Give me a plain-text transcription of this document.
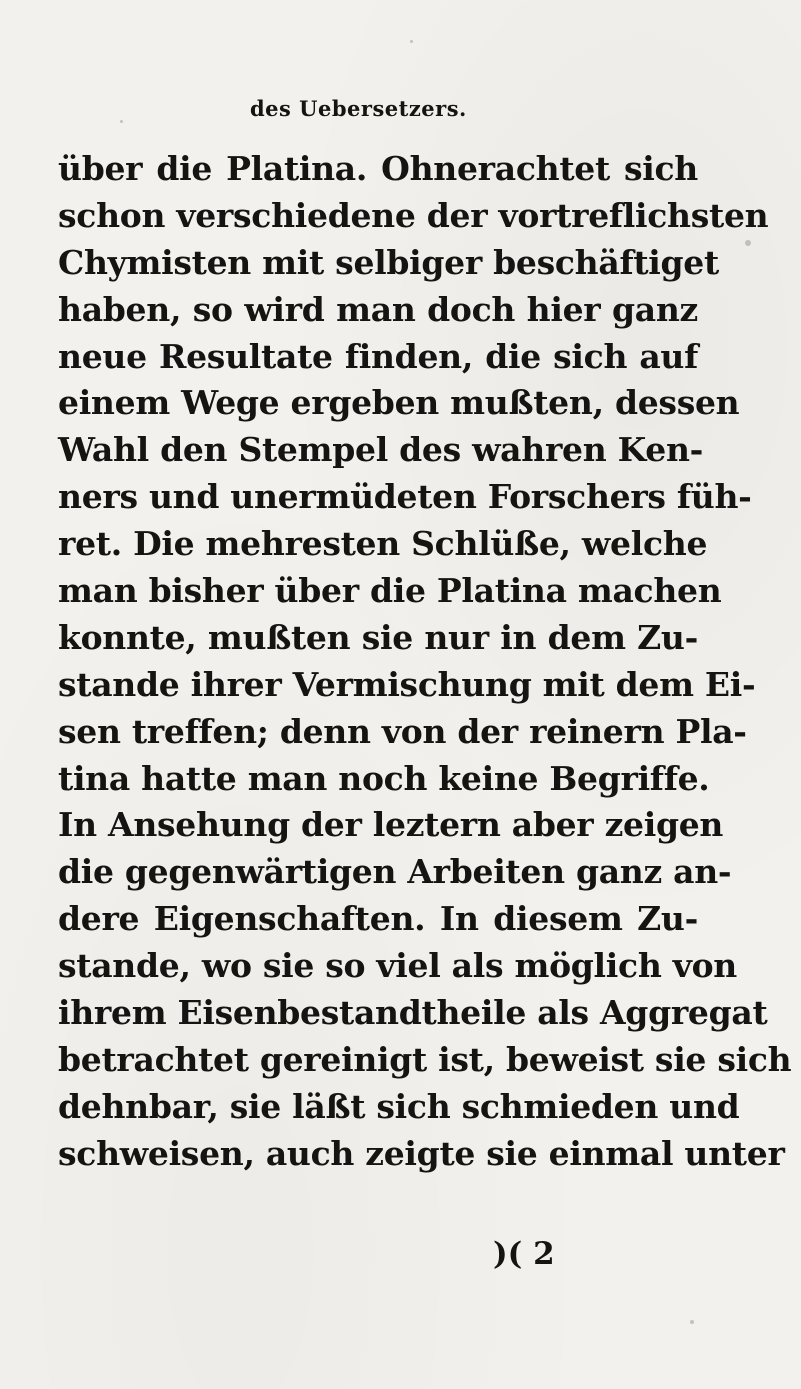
des Uebersetzers.
über die Platina. Ohnerachtet sich
schon verschiedene der vortreflichsten
Chymisten mit selbiger beschäftiget
haben, so wird man doch hier ganz
neue Resultate finden, die sich auf
einem Wege ergeben mußten, dessen
Wahl den Stempel des wahren Ken-
ners und unermüdeten Forschers füh-
ret. Die mehresten Schlüße, welche
man bisher über die Platina machen
konnte, mußten sie nur in dem Zu-
stande ihrer Vermischung mit dem Ei-
sen treffen; denn von der reinern Pla-
tina hatte man noch keine Begriffe.
In Ansehung der leztern aber zeigen
die gegenwärtigen Arbeiten ganz an-
dere Eigenschaften. In diesem Zu-
stande, wo sie so viel als möglich von
ihrem Eisenbestandtheile als Aggregat
betrachtet gereinigt ist, beweist sie sich
dehnbar, sie läßt sich schmieden und
schweisen, auch zeigte sie einmal unter
)( 2
